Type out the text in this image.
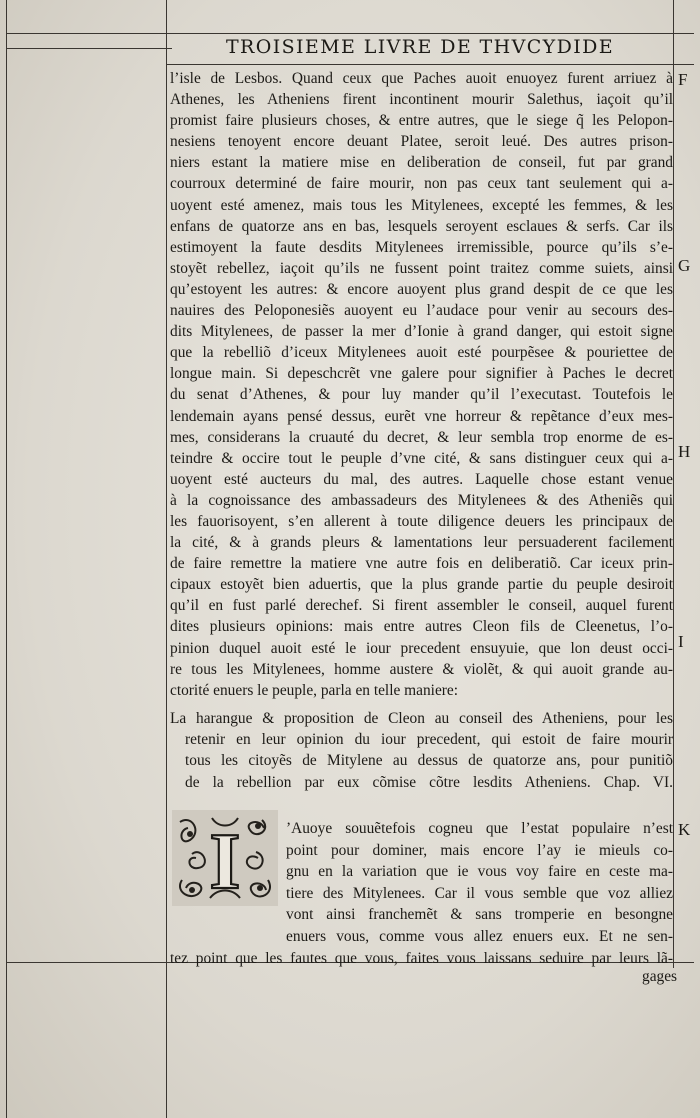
TROISIEME LIVRE DE THVCYDIDE
l’isle de Lesbos. Quand ceux que Paches auoit enuoyez furent arriuez à
Athenes, les Atheniens firent incontinent mourir Salethus, iaçoit qu’il
promist faire plusieurs choses, & entre autres, que le siege q̃ les Pelopon-
nesiens tenoyent encore deuant Platee, seroit leué. Des autres prison-
niers estant la matiere mise en deliberation de conseil, fut par grand
courroux determiné de faire mourir, non pas ceux tant seulement qui a-
uoyent esté amenez, mais tous les Mitylenees, excepté les femmes, & les
enfans de quatorze ans en bas, lesquels seroyent esclaues & serfs. Car ils
estimoyent la faute desdits Mitylenees irremissible, pource qu’ils s’e-
stoyẽt rebellez, iaçoit qu’ils ne fussent point traitez comme suiets, ainsi
qu’estoyent les autres: & encore auoyent plus grand despit de ce que les
nauires des Peloponesiẽs auoyent eu l’audace pour venir au secours des-
dits Mitylenees, de passer la mer d’Ionie à grand danger, qui estoit signe
que la rebelliõ d’iceux Mitylenees auoit esté pourpẽsee & pouriettee de
longue main. Si depeschcrẽt vne galere pour signifier à Paches le decret
du senat d’Athenes, & pour luy mander qu’il l’executast. Toutefois le
lendemain ayans pensé dessus, eurẽt vne horreur & repẽtance d’eux mes-
mes, considerans la cruauté du decret, & leur sembla trop enorme de es-
teindre & occire tout le peuple d’vne cité, & sans distinguer ceux qui a-
uoyent esté aucteurs du mal, des autres. Laquelle chose estant venue
à la cognoissance des ambassadeurs des Mitylenees & des Atheniẽs qui
les fauorisoyent, s’en allerent à toute diligence deuers les principaux de
la cité, & à grands pleurs & lamentations leur persuaderent facilement
de faire remettre la matiere vne autre fois en deliberatiõ. Car iceux prin-
cipaux estoyẽt bien aduertis, que la plus grande partie du peuple desiroit
qu’il en fust parlé derechef. Si firent assembler le conseil, auquel furent
dites plusieurs opinions: mais entre autres Cleon fils de Cleenetus, l’o-
pinion duquel auoit esté le iour precedent ensuyuie, que lon deust occi-
re tous les Mitylenees, homme austere & violẽt, & qui auoit grande au-
ctorité enuers le peuple, parla en telle maniere:
La harangue & proposition de Cleon au conseil des Atheniens, pour les
retenir en leur opinion du iour precedent, qui estoit de faire mourir
tous les citoyẽs de Mitylene au dessus de quatorze ans, pour punitiõ
de la rebellion par eux cõmise cõtre lesdits Atheniens. Chap. VI.
I	’Auoye souuẽtefois cogneu que l’estat populaire n’est
point pour dominer, mais encore l’ay ie mieuls co-
gnu en la variation que ie vous voy faire en ceste ma-
tiere des Mitylenees. Car il vous semble que voz alliez
vont ainsi franchemẽt & sans tromperie en besongne
enuers vous, comme vous allez enuers eux. Et ne sen-
tez point que les fautes que vous, faites vous laissans seduire par leurs lã-
gages
F
G
H
I
K
